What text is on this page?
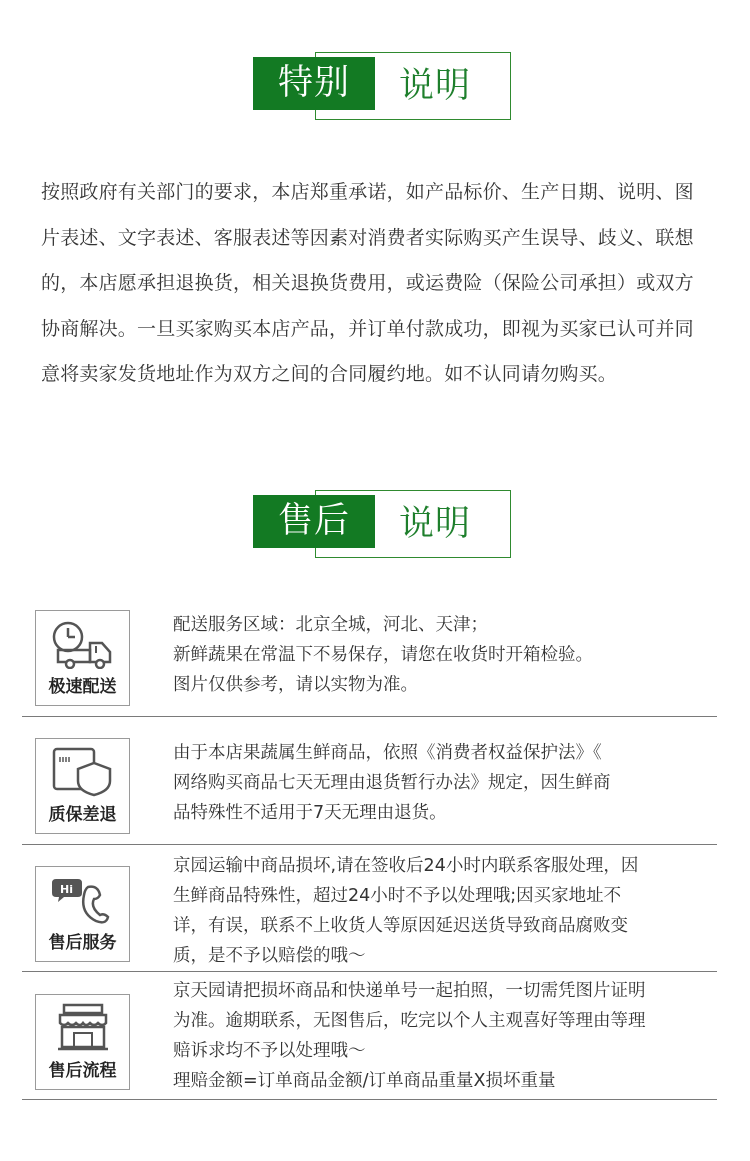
特别	说明

按照政府有关部门的要求，本店郑重承诺，如产品标价、生产日期、说明、图片表述、文字表述、客服表述等因素对消费者实际购买产生误导、歧义、联想的，本店愿承担退换货，相关退换货费用，或运费险（保险公司承担）或双方协商解决。一旦买家购买本店产品，并订单付款成功，即视为买家已认可并同意将卖家发货地址作为双方之间的合同履约地。如不认同请勿购买。

售后	说明
极速配送
配送服务区域：北京全城，河北、天津；
新鲜蔬果在常温下不易保存，请您在收货时开箱检验。
图片仅供参考，请以实物为准。
质保差退
由于本店果蔬属生鲜商品，依照《消费者权益保护法》《
网络购买商品七天无理由退货暂行办法》规定，因生鲜商
品特殊性不适用于7天无理由退货。
Hi
售后服务
京园运输中商品损坏,请在签收后24小时内联系客服处理，因
生鲜商品特殊性，超过24小时不予以处理哦;因买家地址不
详，有误，联系不上收货人等原因延迟送货导致商品腐败变
质，是不予以赔偿的哦～
售后流程
京天园请把损坏商品和快递单号一起拍照，一切需凭图片证明
为准。逾期联系，无图售后，吃完以个人主观喜好等理由等理
赔诉求均不予以处理哦～
理赔金额=订单商品金额/订单商品重量X损坏重量
